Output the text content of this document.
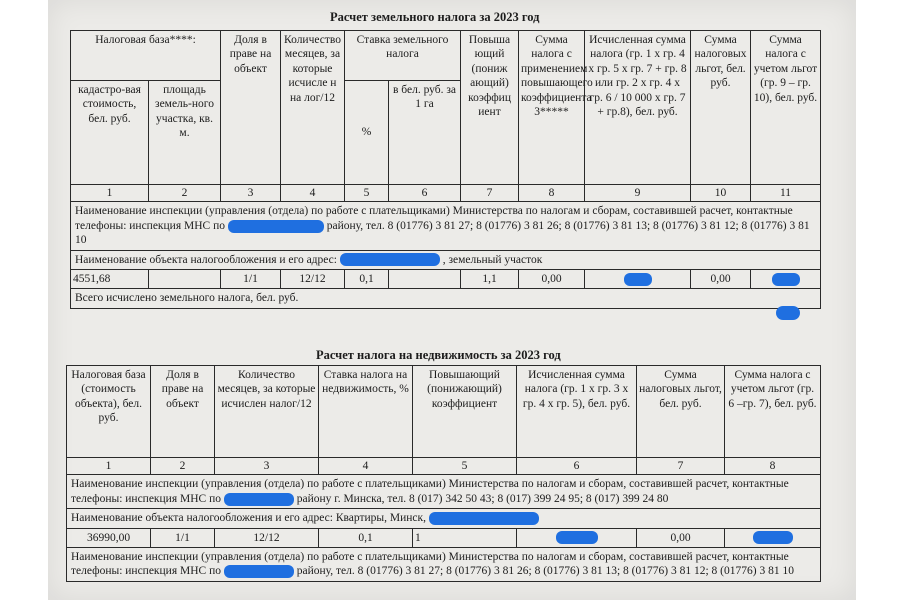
Расчет земельного налога за 2023 год
Налоговая база****:		Доля в праве на объект	Количество месяцев, за которые исчисле н на лог/12	Ставка земельного налога		Повыша ющий (пониж ающий) коэффиц иент	Сумма налога с применением повышающего коэффициента 3*****	Исчисленная сумма налога (гр. 1 х гр. 4 х гр. 5 х гр. 7 + гр. 8 или гр. 2 х гр. 4 х гр. 6 / 10 000 х гр. 7 + гр.8), бел. руб.	Сумма налоговых льгот, бел. руб.	Сумма налога с учетом льгот (гр. 9 – гр. 10), бел. руб.
кадастро-вая стоимость, бел. руб.	площадь земель-ного участка, кв. м.			%	в бел. руб. за 1 га					
1	2	3	4	5	6	7	8	9	10	11
Наименование инспекции (управления (отдела) по работе с плательщиками) Министерства по налогам и сборам, составившей расчет, контактные телефоны: инспекция МНС по району, тел. 8 (01776) 3 81 27; 8 (01776) 3 81 26; 8 (01776) 3 81 13; 8 (01776) 3 81 12; 8 (01776) 3 81 10										
Наименование объекта налогообложения и его адрес: , земельный участок										
4551,68		1/1	12/12	0,1		1,1	0,00		0,00	
Всего исчислено земельного налога, бел. руб.										
Расчет налога на недвижимость за 2023 год
Налоговая база (стоимость объекта), бел. руб.	Доля в праве на объект	Количество месяцев, за которые исчислен налог/12	Ставка налога на недвижимость, %	Повышающий (понижающий) коэффициент	Исчисленная сумма налога (гр. 1 х гр. 3 х гр. 4 х гр. 5), бел. руб.	Сумма налоговых льгот, бел. руб.	Сумма налога с учетом льгот (гр. 6 –гр. 7), бел. руб.
1	2	3	4	5	6	7	8
Наименование инспекции (управления (отдела) по работе с плательщиками) Министерства по налогам и сборам, составившей расчет, контактные телефоны: инспекция МНС по району г. Минска, тел. 8 (017) 342 50 43; 8 (017) 399 24 95; 8 (017) 399 24 80							
Наименование объекта налогообложения и его адрес: Квартиры, Минск,							
36990,00	1/1	12/12	0,1	1		0,00	
Наименование инспекции (управления (отдела) по работе с плательщиками) Министерства по налогам и сборам, составившей расчет, контактные телефоны: инспекция МНС по району, тел. 8 (01776) 3 81 27; 8 (01776) 3 81 26; 8 (01776) 3 81 13; 8 (01776) 3 81 12; 8 (01776) 3 81 10							
